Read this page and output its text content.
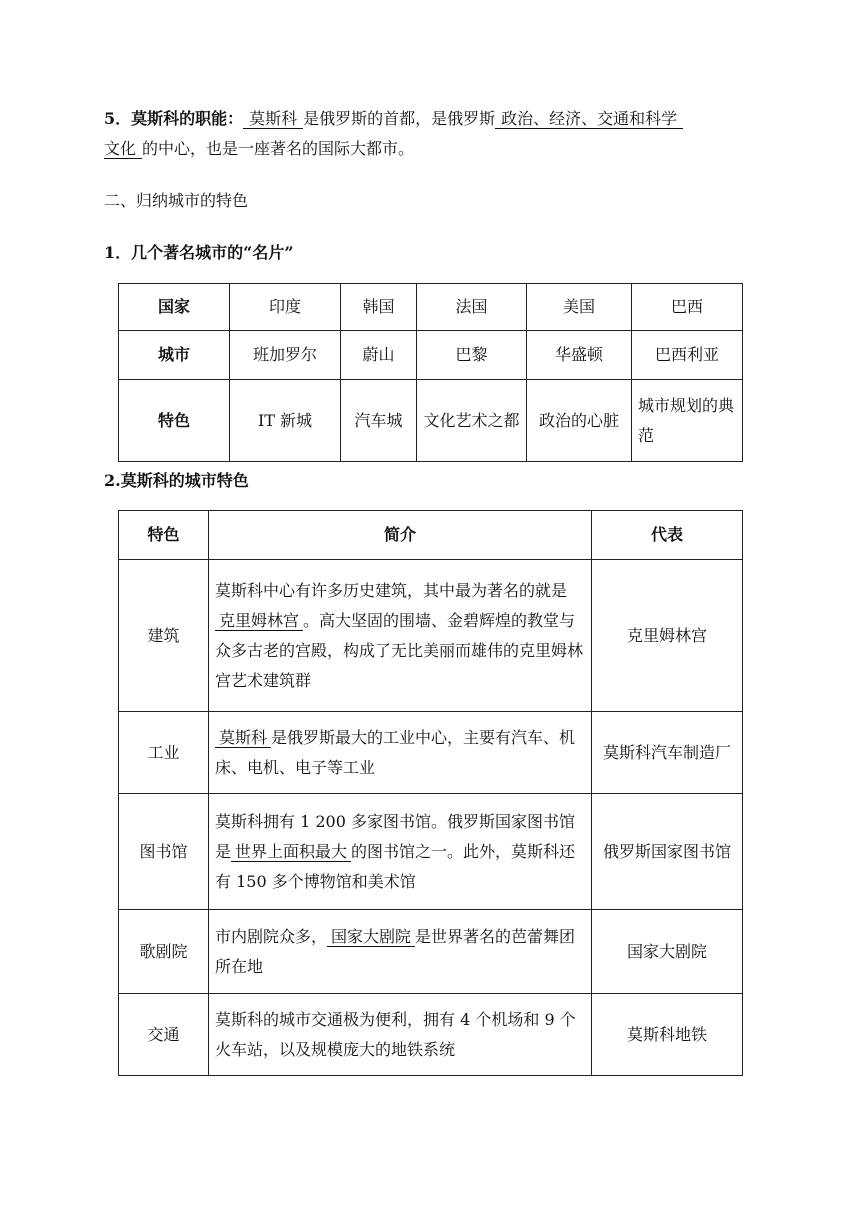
5．莫斯科的职能： 莫斯科 是俄罗斯的首都，是俄罗斯 政治、经济、交通和科学
文化 的中心，也是一座著名的国际大都市。

二、归纳城市的特色

1．几个著名城市的“名片”

国家	印度	韩国	法国	美国	巴西
城市	班加罗尔	蔚山	巴黎	华盛顿	巴西利亚
特色	IT 新城	汽车城	文化艺术之都	政治的心脏	城市规划的典范

2.莫斯科的城市特色

特色	简介	代表
建筑	莫斯科中心有许多历史建筑，其中最为著名的就是克里姆林宫 。高大坚固的围墙、金碧辉煌的教堂与众多古老的宫殿，构成了无比美丽而雄伟的克里姆林宫艺术建筑群	克里姆林宫
工业	莫斯科 是俄罗斯最大的工业中心，主要有汽车、机床、电机、电子等工业	莫斯科汽车制造厂
图书馆	莫斯科拥有 1 200 多家图书馆。俄罗斯国家图书馆是 世界上面积最大 的图书馆之一。此外，莫斯科还有 150 多个博物馆和美术馆	俄罗斯国家图书馆
歌剧院	市内剧院众多， 国家大剧院 是世界著名的芭蕾舞团所在地	国家大剧院
交通	莫斯科的城市交通极为便利，拥有 4 个机场和 9 个火车站，以及规模庞大的地铁系统	莫斯科地铁
